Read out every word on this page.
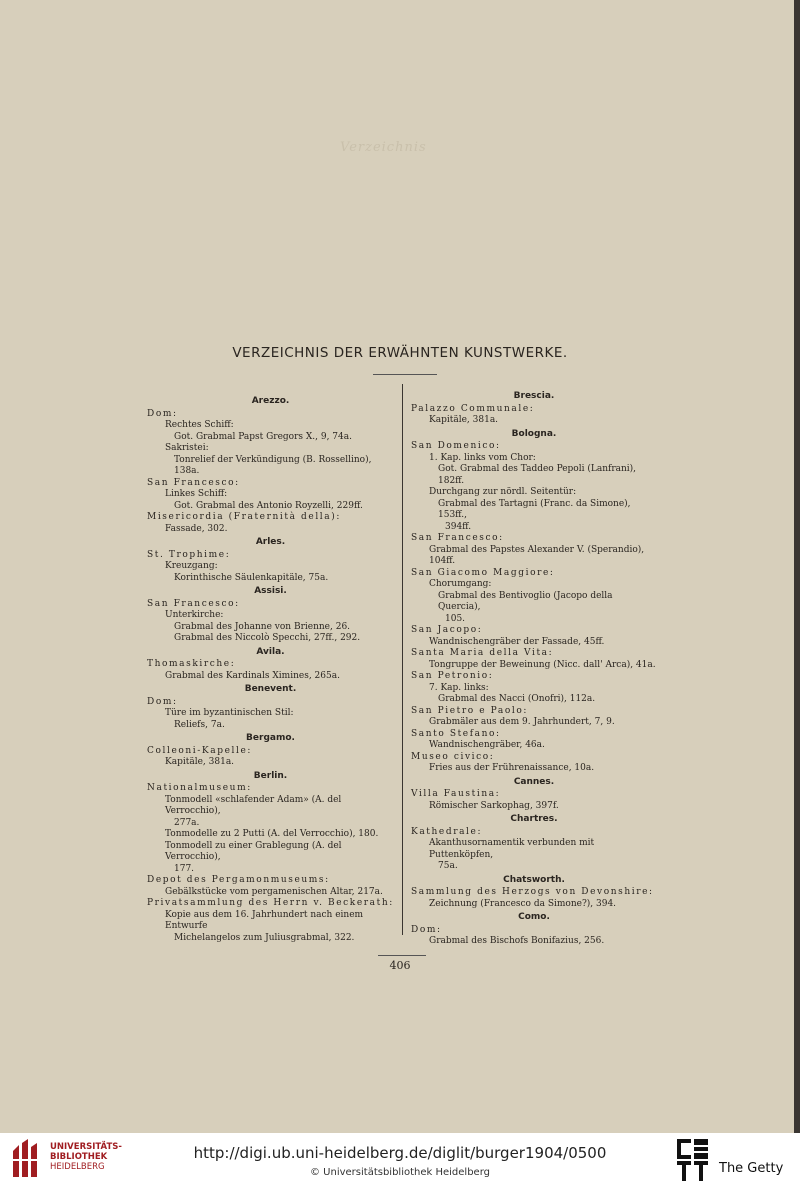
Verzeichnis
VERZEICHNIS DER ERWÄHNTEN KUNSTWERKE.
Arezzo.
Dom:
Rechtes Schiff:
Got. Grabmal Papst Gregors X., 9, 74a.
Sakristei:
Tonrelief der Verkündigung (B. Rossellino), 138a.
San Francesco:
Linkes Schiff:
Got. Grabmal des Antonio Royzelli, 229ff.
Misericordia (Fraternità della):
Fassade, 302.
Arles.
St. Trophime:
Kreuzgang:
Korinthische Säulenkapitäle, 75a.
Assisi.
San Francesco:
Unterkirche:
Grabmal des Johanne von Brienne, 26.
Grabmal des Niccolò Specchi, 27ff., 292.
Avila.
Thomaskirche:
Grabmal des Kardinals Ximines, 265a.
Benevent.
Dom:
Türe im byzantinischen Stil:
Reliefs, 7a.
Bergamo.
Colleoni-Kapelle:
Kapitäle, 381a.
Berlin.
Nationalmuseum:
Tonmodell «schlafender Adam» (A. del Verrocchio),
277a.
Tonmodelle zu 2 Putti (A. del Verrocchio), 180.
Tonmodell zu einer Grablegung (A. del Verrocchio),
177.
Depot des Pergamonmuseums:
Gebälkstücke vom pergamenischen Altar, 217a.
Privatsammlung des Herrn v. Beckerath:
Kopie aus dem 16. Jahrhundert nach einem Entwurfe
Michelangelos zum Juliusgrabmal, 322.
Brescia.
Palazzo Communale:
Kapitäle, 381a.
Bologna.
San Domenico:
1. Kap. links vom Chor:
Got. Grabmal des Taddeo Pepoli (Lanfrani), 182ff.
Durchgang zur nördl. Seitentür:
Grabmal des Tartagni (Franc. da Simone), 153ff.,
394ff.
San Francesco:
Grabmal des Papstes Alexander V. (Sperandio), 104ff.
San Giacomo Maggiore:
Chorumgang:
Grabmal des Bentivoglio (Jacopo della Quercia),
105.
San Jacopo:
Wandnischengräber der Fassade, 45ff.
Santa Maria della Vita:
Tongruppe der Beweinung (Nicc. dall' Arca), 41a.
San Petronio:
7. Kap. links:
Grabmal des Nacci (Onofri), 112a.
San Pietro e Paolo:
Grabmäler aus dem 9. Jahrhundert, 7, 9.
Santo Stefano:
Wandnischengräber, 46a.
Museo civico:
Fries aus der Frührenaissance, 10a.
Cannes.
Villa Faustina:
Römischer Sarkophag, 397f.
Chartres.
Kathedrale:
Akanthusornamentik verbunden mit Puttenköpfen,
75a.
Chatsworth.
Sammlung des Herzogs von Devonshire:
Zeichnung (Francesco da Simone?), 394.
Como.
Dom:
Grabmal des Bischofs Bonifazius, 256.
406
UNIVERSITÄTS-
BIBLIOTHEK
HEIDELBERG
http://digi.ub.uni-heidelberg.de/diglit/burger1904/0500
© Universitätsbibliothek Heidelberg	The Getty
